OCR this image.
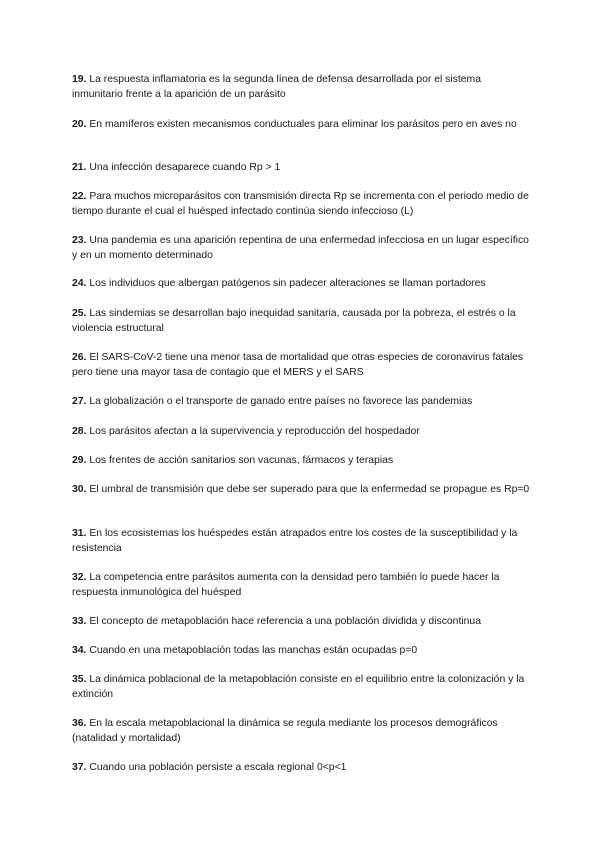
19. La respuesta inflamatoria es la segunda línea de defensa desarrollada por el sistema inmunitario frente a la aparición de un parásito

20. En mamíferos existen mecanismos conductuales para eliminar los parásitos pero en aves no

21. Una infección desaparece cuando Rp > 1

22. Para muchos microparásitos con transmisión directa Rp se incrementa con el periodo medio de tiempo durante el cual el huésped infectado continúa siendo infeccioso (L)

23. Una pandemia es una aparición repentina de una enfermedad infecciosa en un lugar específico y en un momento determinado

24. Los individuos que albergan patógenos sin padecer alteraciones se llaman portadores

25. Las sindemias se desarrollan bajo inequidad sanitaria, causada por la pobreza, el estrés o la violencia estructural

26. El SARS-CoV-2 tiene una menor tasa de mortalidad que otras especies de coronavirus fatales pero tiene una mayor tasa de contagio que el MERS y el SARS

27. La globalización o el transporte de ganado entre países no favorece las pandemias

28. Los parásitos afectan a la supervivencia y reproducción del hospedador

29. Los frentes de acción sanitarios son vacunas, fármacos y terapias

30. El umbral de transmisión que debe ser superado para que la enfermedad se propague es Rp=0

31. En los ecosistemas los huéspedes están atrapados entre los costes de la susceptibilidad y la resistencia

32. La competencia entre parásitos aumenta con la densidad pero también lo puede hacer la respuesta inmunológica del huésped

33. El concepto de metapoblación hace referencia a una población dividida y discontinua

34. Cuando en una metapoblación todas las manchas están ocupadas p=0

35. La dinámica poblacional de la metapoblación consiste en el equilibrio entre la colonización y la extinción

36. En la escala metapoblacional la dinámica se regula mediante los procesos demográficos (natalidad y mortalidad)

37. Cuando una población persiste a escala regional 0<p<1
